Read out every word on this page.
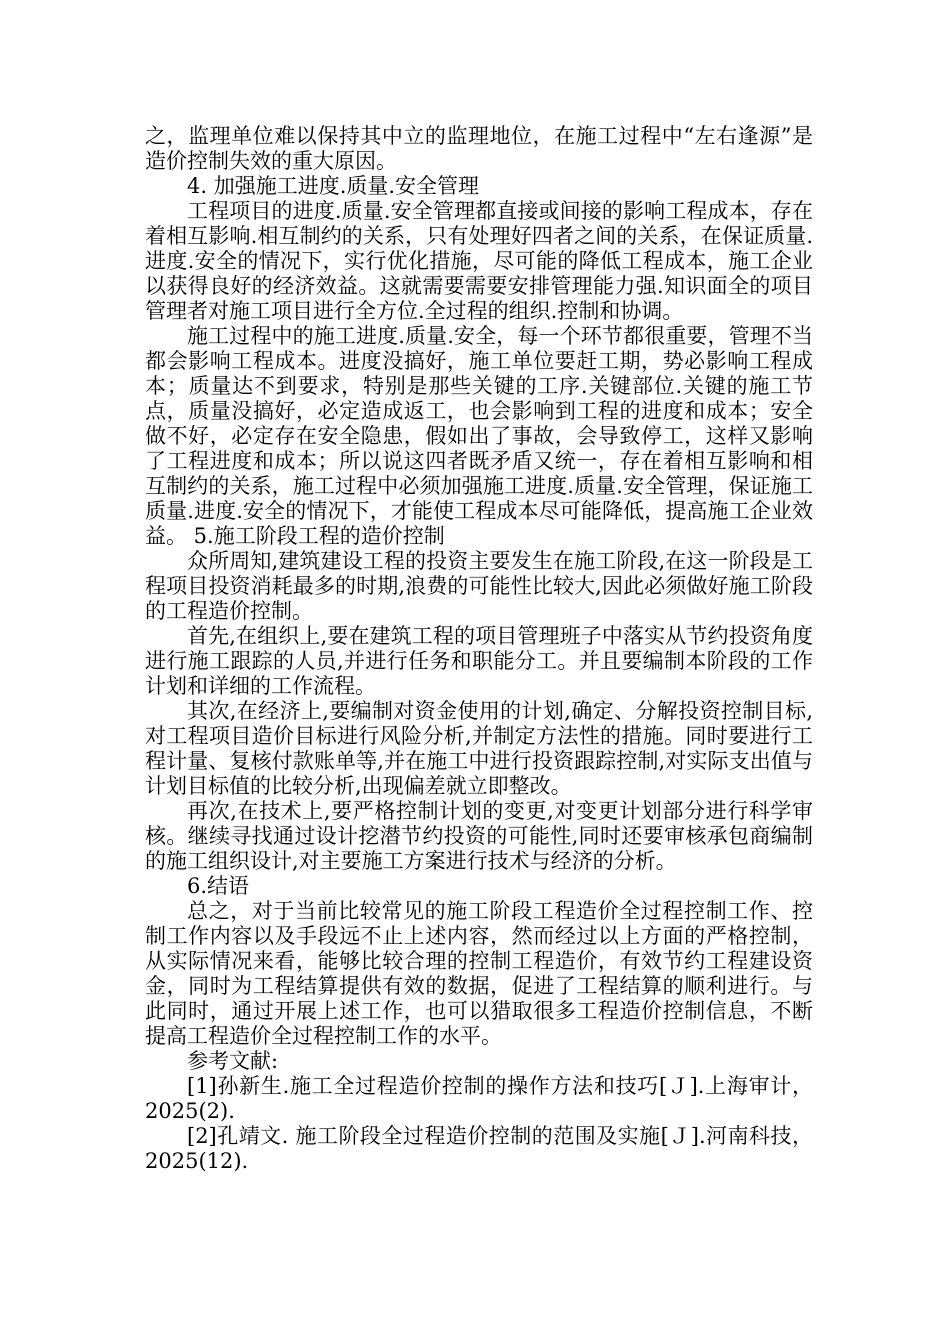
之，监理单位难以保持其中立的监理地位，在施工过程中“左右逢源”是造价控制失效的重大原因。

4. 加强施工进度.质量.安全管理

工程项目的进度.质量.安全管理都直接或间接的影响工程成本，存在着相互影响.相互制约的关系，只有处理好四者之间的关系，在保证质量.进度.安全的情况下，实行优化措施，尽可能的降低工程成本，施工企业以获得良好的经济效益。这就需要需要安排管理能力强.知识面全的项目管理者对施工项目进行全方位.全过程的组织.控制和协调。

施工过程中的施工进度.质量.安全，每一个环节都很重要，管理不当都会影响工程成本。进度没搞好，施工单位要赶工期，势必影响工程成本；质量达不到要求，特别是那些关键的工序.关键部位.关键的施工节点，质量没搞好，必定造成返工，也会影响到工程的进度和成本；安全做不好，必定存在安全隐患，假如出了事故，会导致停工，这样又影响了工程进度和成本；所以说这四者既矛盾又统一，存在着相互影响和相互制约的关系，施工过程中必须加强施工进度.质量.安全管理，保证施工质量.进度.安全的情况下，才能使工程成本尽可能降低，提高施工企业效益。 5.施工阶段工程的造价控制

众所周知,建筑建设工程的投资主要发生在施工阶段,在这一阶段是工程项目投资消耗最多的时期,浪费的可能性比较大,因此必须做好施工阶段的工程造价控制。

首先,在组织上,要在建筑工程的项目管理班子中落实从节约投资角度进行施工跟踪的人员,并进行任务和职能分工。并且要编制本阶段的工作计划和详细的工作流程。

其次,在经济上,要编制对资金使用的计划,确定、分解投资控制目标,对工程项目造价目标进行风险分析,并制定方法性的措施。同时要进行工程计量、复核付款账单等,并在施工中进行投资跟踪控制,对实际支出值与计划目标值的比较分析,出现偏差就立即整改。

再次,在技术上,要严格控制计划的变更,对变更计划部分进行科学审核。继续寻找通过设计挖潜节约投资的可能性,同时还要审核承包商编制的施工组织设计,对主要施工方案进行技术与经济的分析。

6.结语

总之，对于当前比较常见的施工阶段工程造价全过程控制工作、控制工作内容以及手段远不止上述内容，然而经过以上方面的严格控制，从实际情况来看，能够比较合理的控制工程造价，有效节约工程建设资金，同时为工程结算提供有效的数据，促进了工程结算的顺利进行。与此同时，通过开展上述工作，也可以猎取很多工程造价控制信息，不断提高工程造价全过程控制工作的水平。

参考文献:

[1]孙新生.施工全过程造价控制的操作方法和技巧[Ｊ].上海审计，2025(2).

[2]孔靖文. 施工阶段全过程造价控制的范围及实施[Ｊ].河南科技，2025(12).
